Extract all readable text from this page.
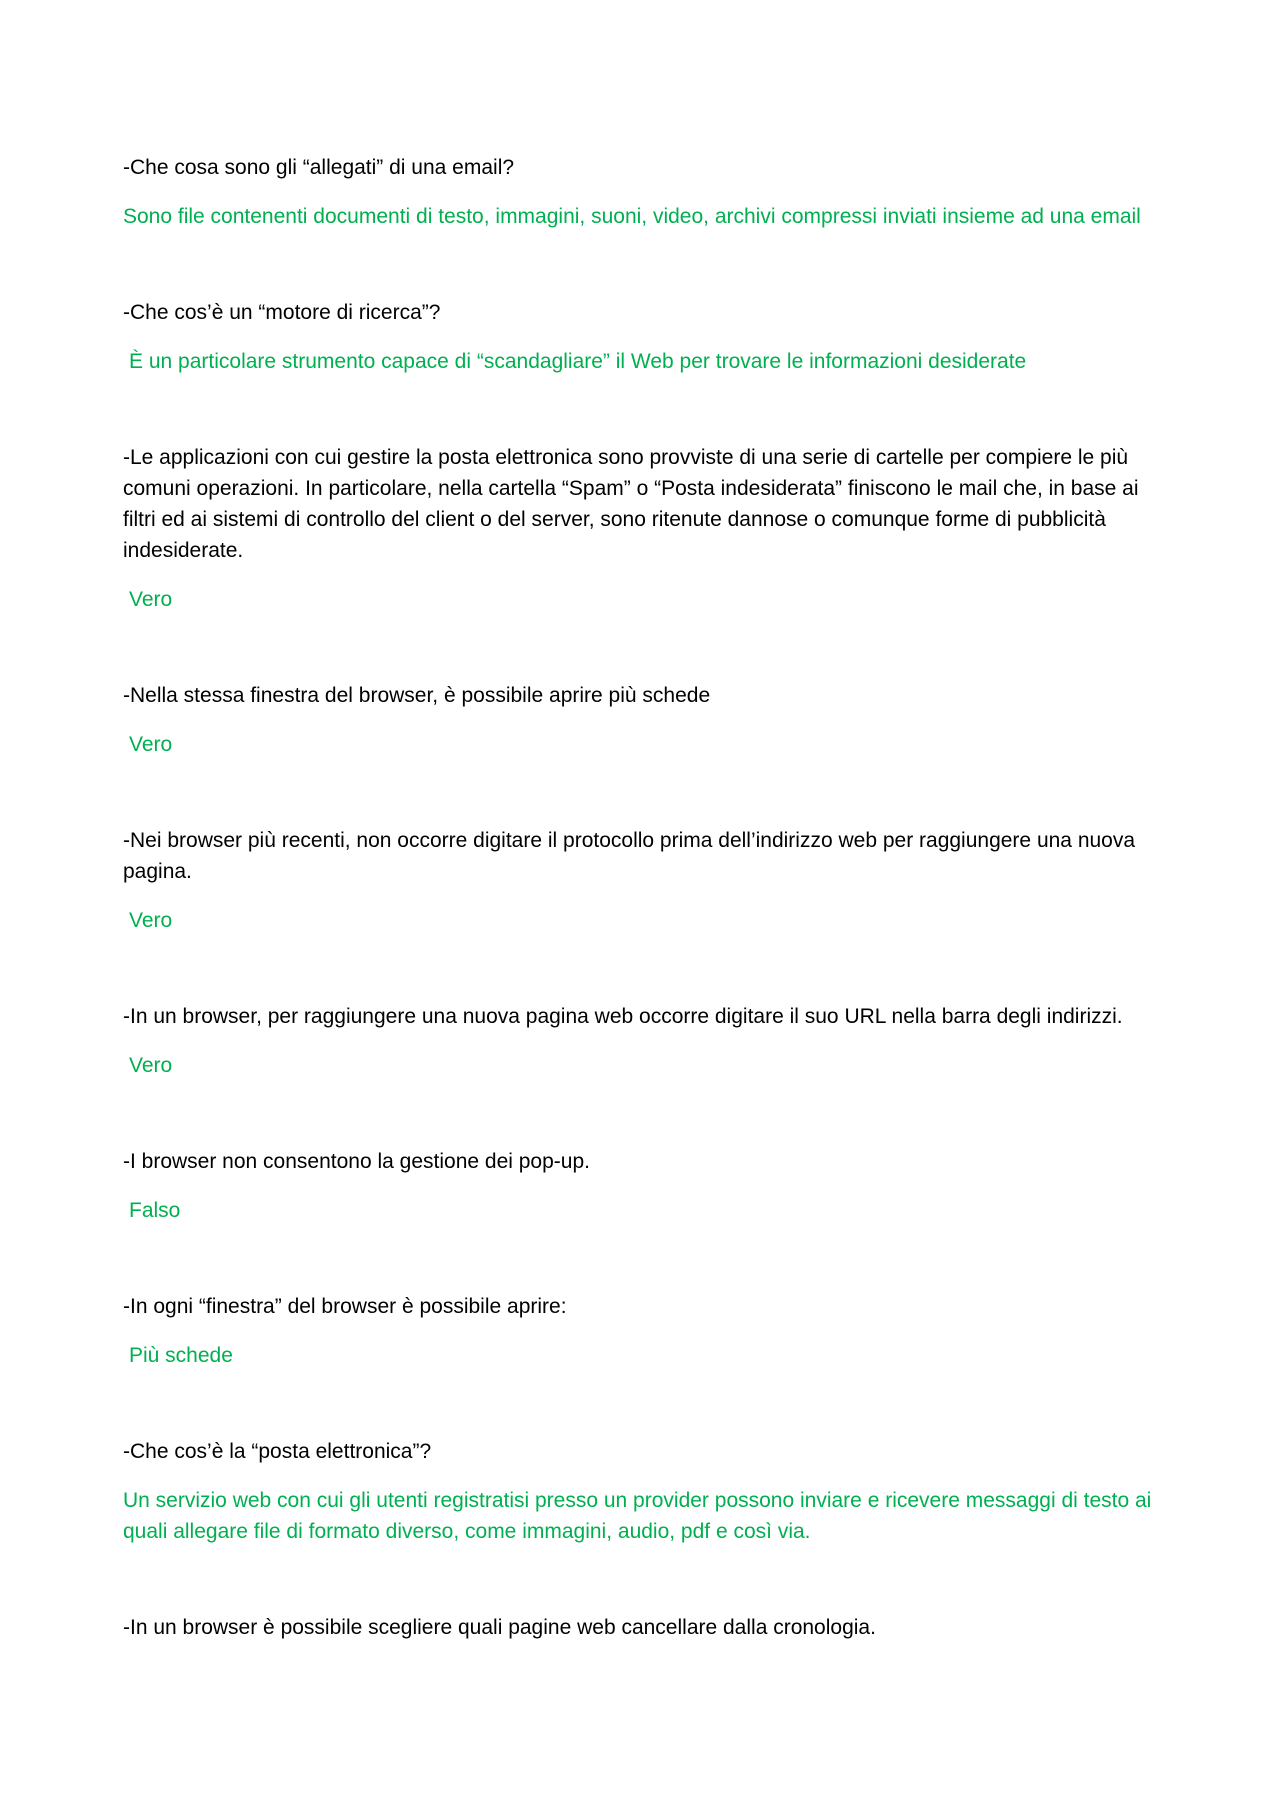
-Che cosa sono gli “allegati” di una email?

Sono file contenenti documenti di testo, immagini, suoni, video, archivi compressi inviati insieme ad una email

-Che cos’è un “motore di ricerca”?

È un particolare strumento capace di “scandagliare” il Web per trovare le informazioni desiderate

-Le applicazioni con cui gestire la posta elettronica sono provviste di una serie di cartelle per compiere le più comuni operazioni. In particolare, nella cartella “Spam” o “Posta indesiderata” finiscono le mail che, in base ai filtri ed ai sistemi di controllo del client o del server, sono ritenute dannose o comunque forme di pubblicità indesiderate.

Vero

-Nella stessa finestra del browser, è possibile aprire più schede

Vero

-Nei browser più recenti, non occorre digitare il protocollo prima dell’indirizzo web per raggiungere una nuova pagina.

Vero

-In un browser, per raggiungere una nuova pagina web occorre digitare il suo URL nella barra degli indirizzi.

Vero

-I browser non consentono la gestione dei pop-up.

Falso

-In ogni “finestra” del browser è possibile aprire:

Più schede

-Che cos’è la “posta elettronica”?

Un servizio web con cui gli utenti registratisi presso un provider possono inviare e ricevere messaggi di testo ai quali allegare file di formato diverso, come immagini, audio, pdf e così via.

-In un browser è possibile scegliere quali pagine web cancellare dalla cronologia.
